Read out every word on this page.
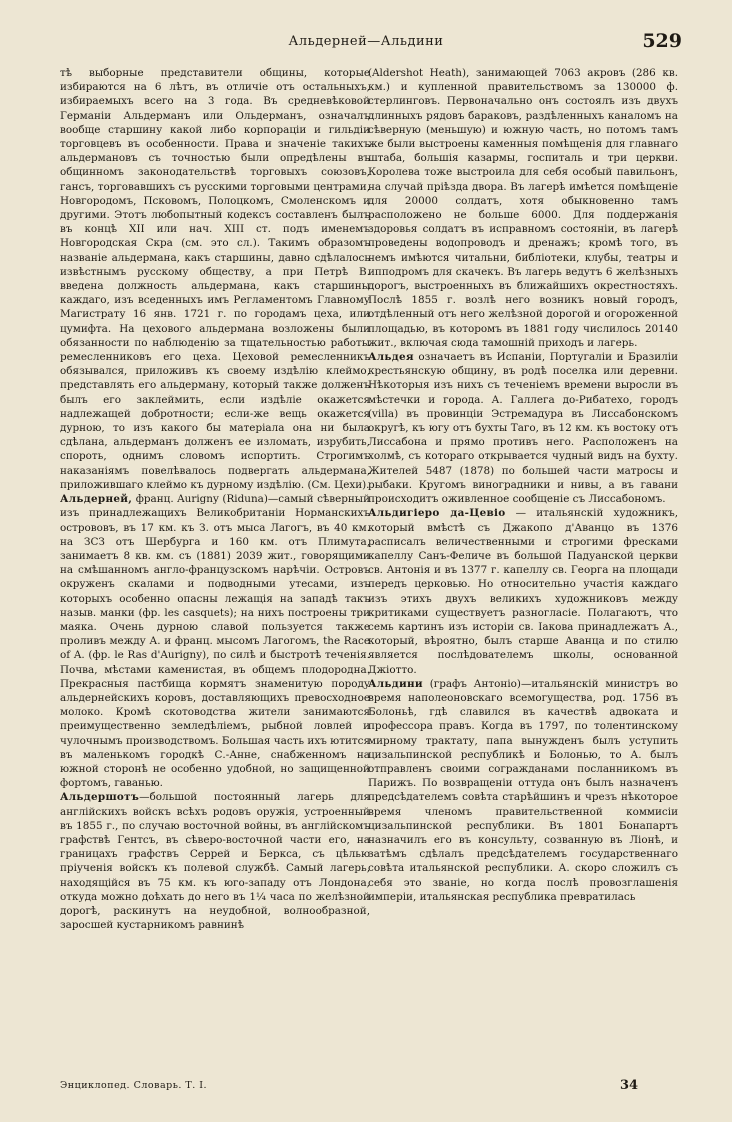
Альдерней—Альдини	529

тѣ выборные представители общины, которые избираются на 6 лѣтъ, въ отличіе отъ остальныхъ, избираемыхъ всего на 3 года. Въ средневѣковой Германіи Альдерманъ или Ольдерманъ, означалъ вообще старшину какой либо корпораціи и гильдіи торговцевъ въ особенности. Права и значеніе такихъ альдермановъ съ точностью были опредѣлены въ общинномъ законодательствѣ торговыхъ союзовъ, гансъ, торговавшихъ съ русскими торговыми центрами, Новгородомъ, Псковомъ, Полоцкомъ, Смоленскомъ и другими. Этотъ любопытный кодексъ составленъ былъ въ концѣ XII или нач. XIII ст. подъ именемъ Новгородская Скра (см. это сл.). Такимъ образомъ названіе альдермана, какъ старшины, давно сдѣлалось извѣстнымъ русскому обществу, а при Петрѣ В. введена должность альдермана, какъ старшины каждаго, изъ вседенныхъ имъ Регламентомъ Главному Магистрату 16 янв. 1721 г. по городамъ цеха, или цумифта. На цехового альдермана возложены были обязанности по наблюденію за тщательностью работы ремесленниковъ его цеха. Цеховой ремесленникъ обязывался, приложивъ къ своему издѣлію клеймо, представлять его альдерману, который также долженъ былъ его заклеймить, если издѣліе окажется надлежащей добротности; если-же вещь окажется дурною, то изъ какого бы матеріала она ни была сдѣлана, альдерманъ долженъ ее изломать, изрубить, спороть, однимъ словомъ испортить. Строгимъ наказаніямъ повелѣвалось подвергать альдермана, приложившаго клеймо къ дурному издѣлію. (См. Цехи).

Альдерней, франц. Aurigny (Riduna)—самый сѣверный изъ принадлежащихъ Великобританіи Норманскихъ острововъ, въ 17 км. къ З. отъ мыса Лагогъ, въ 40 км. на ЗСЗ отъ Шербурга и 160 км. отъ Плимута, занимаетъ 8 кв. км. съ (1881) 2039 жит., говорящими на смѣшанномъ англо-французскомъ нарѣчіи. Островъ окруженъ скалами и подводными утесами, изъ которыхъ особенно опасны лежащія на западѣ такъ назыв. манки (фр. les casquets); на нихъ построены три маяка. Очень дурною славой пользуется также проливъ между А. и франц. мысомъ Лагогомъ, the Race of A. (фр. le Ras d'Aurigny), по силѣ и быстротѣ теченія. Почва, мѣстами каменистая, въ общемъ плодородна. Прекрасныя пастбища кормятъ знаменитую породу альдернейскихъ коровъ, доставляющихъ превосходное молоко. Кромѣ скотоводства жители занимаются преимущественно земледѣліемъ, рыбной ловлей и чулочнымъ производствомъ. Большая часть ихъ ютится въ маленькомъ городкѣ С.-Анне, снабженномъ на южной сторонѣ не особенно удобной, но защищенной фортомъ, гаванью.

Альдершотъ—большой постоянный лагерь для англійскихъ войскъ всѣхъ родовъ оружія, устроенный въ 1855 г., по случаю восточной войны, въ англійскомъ графствѣ Гентсъ, въ сѣверо-восточной части его, на границахъ графствъ Серрей и Беркса, съ цѣлью пріученія войскъ къ полевой службѣ. Самый лагерь, находящійся въ 75 км. къ юго-западу отъ Лондона, откуда можно доѣхать до него въ 1¼ часа по желѣзной дорогѣ, раскинутъ на неудобной, волнообразной, заросшей кустарникомъ равнинѣ

(Aldershot Heath), занимающей 7063 акровъ (286 кв. км.) и купленной правительствомъ за 130000 ф. стерлинговъ. Первоначально онъ состоялъ изъ двухъ длинныхъ рядовъ бараковъ, раздѣленныхъ каналомъ на сѣверную (меньшую) и южную часть, но потомъ тамъ же были выстроены каменныя помѣщенія для главнаго штаба, большія казармы, госпиталь и три церкви. Королева тоже выстроила для себя особый павильонъ, на случай пріѣзда двора. Въ лагерѣ имѣется помѣщеніе для 20000 солдатъ, хотя обыкновенно тамъ расположено не больше 6000. Для поддержанія здоровья солдатъ въ исправномъ состояніи, въ лагерѣ проведены водопроводъ и дренажъ; кромѣ того, въ немъ имѣются читальни, библіотеки, клубы, театры и ипподромъ для скачекъ. Въ лагерь ведутъ 6 желѣзныхъ дорогъ, выстроенныхъ въ ближайшихъ окрестностяхъ. Послѣ 1855 г. возлѣ него возникъ новый городъ, отдѣленный отъ него желѣзной дорогой и огороженной площадью, въ которомъ въ 1881 году числилось 20140 жит., включая сюда тамошній приходъ и лагерь.

Альдея означаетъ въ Испаніи, Португаліи и Бразиліи крестьянскую общину, въ родѣ поселка или деревни. Нѣкоторыя изъ нихъ съ теченіемъ времени выросли въ мѣстечки и города. А. Галлега до-Рибатехо, городъ (villa) въ провинціи Эстремадура въ Лиссабонскомъ округѣ, къ югу отъ бухты Таго, въ 12 км. къ востоку отъ Лиссабона и прямо противъ него. Расположенъ на холмѣ, съ котораго открывается чудный видъ на бухту. Жителей 5487 (1878) по большей части матросы и рыбаки. Кругомъ виноградники и нивы, а въ гавани происходитъ оживленное сообщеніе съ Лиссабономъ.

Альдигіеро да-Цевіо — итальянскій художникъ, который вмѣстѣ съ Джакопо д'Аванцо въ 1376 расписалъ величественными и строгими фресками капеллу Санъ-Феличе въ большой Падуанской церкви св. Антонія и въ 1377 г. капеллу св. Георга на площади передъ церковью. Но относительно участія каждаго изъ этихъ двухъ великихъ художниковъ между критиками существуетъ разногласіе. Полагаютъ, что семь картинъ изъ исторіи св. Іакова принадлежатъ А., который, вѣроятно, былъ старше Аванца и по стилю является послѣдователемъ школы, основанной Джiотто.

Альдини (графъ Антоніо)—итальянскій министръ во время наполеоновскаго всемогущества, род. 1756 въ Болоньѣ, гдѣ славился въ качествѣ адвоката и профессора правъ. Когда въ 1797, по толентинскому мирному трактату, папа вынужденъ былъ уступить цизальпинской республикѣ и Болонью, то А. былъ отправленъ своими согражданами посланникомъ въ Парижъ. По возвращеніи оттуда онъ былъ назначенъ предсѣдателемъ совѣта старѣйшинъ и чрезъ нѣкоторое время членомъ правительственной коммисіи цизальпинской республики. Въ 1801 Бонапартъ назначилъ его въ консульту, созванную въ Ліонѣ, и затѣмъ сдѣлалъ предсѣдателемъ государственнаго совѣта итальянской республики. А. скоро сложилъ съ себя это званіе, но когда послѣ провозглашенія имперіи, итальянская республика превратилась

Энциклопед. Словарь. Т. I.	34
